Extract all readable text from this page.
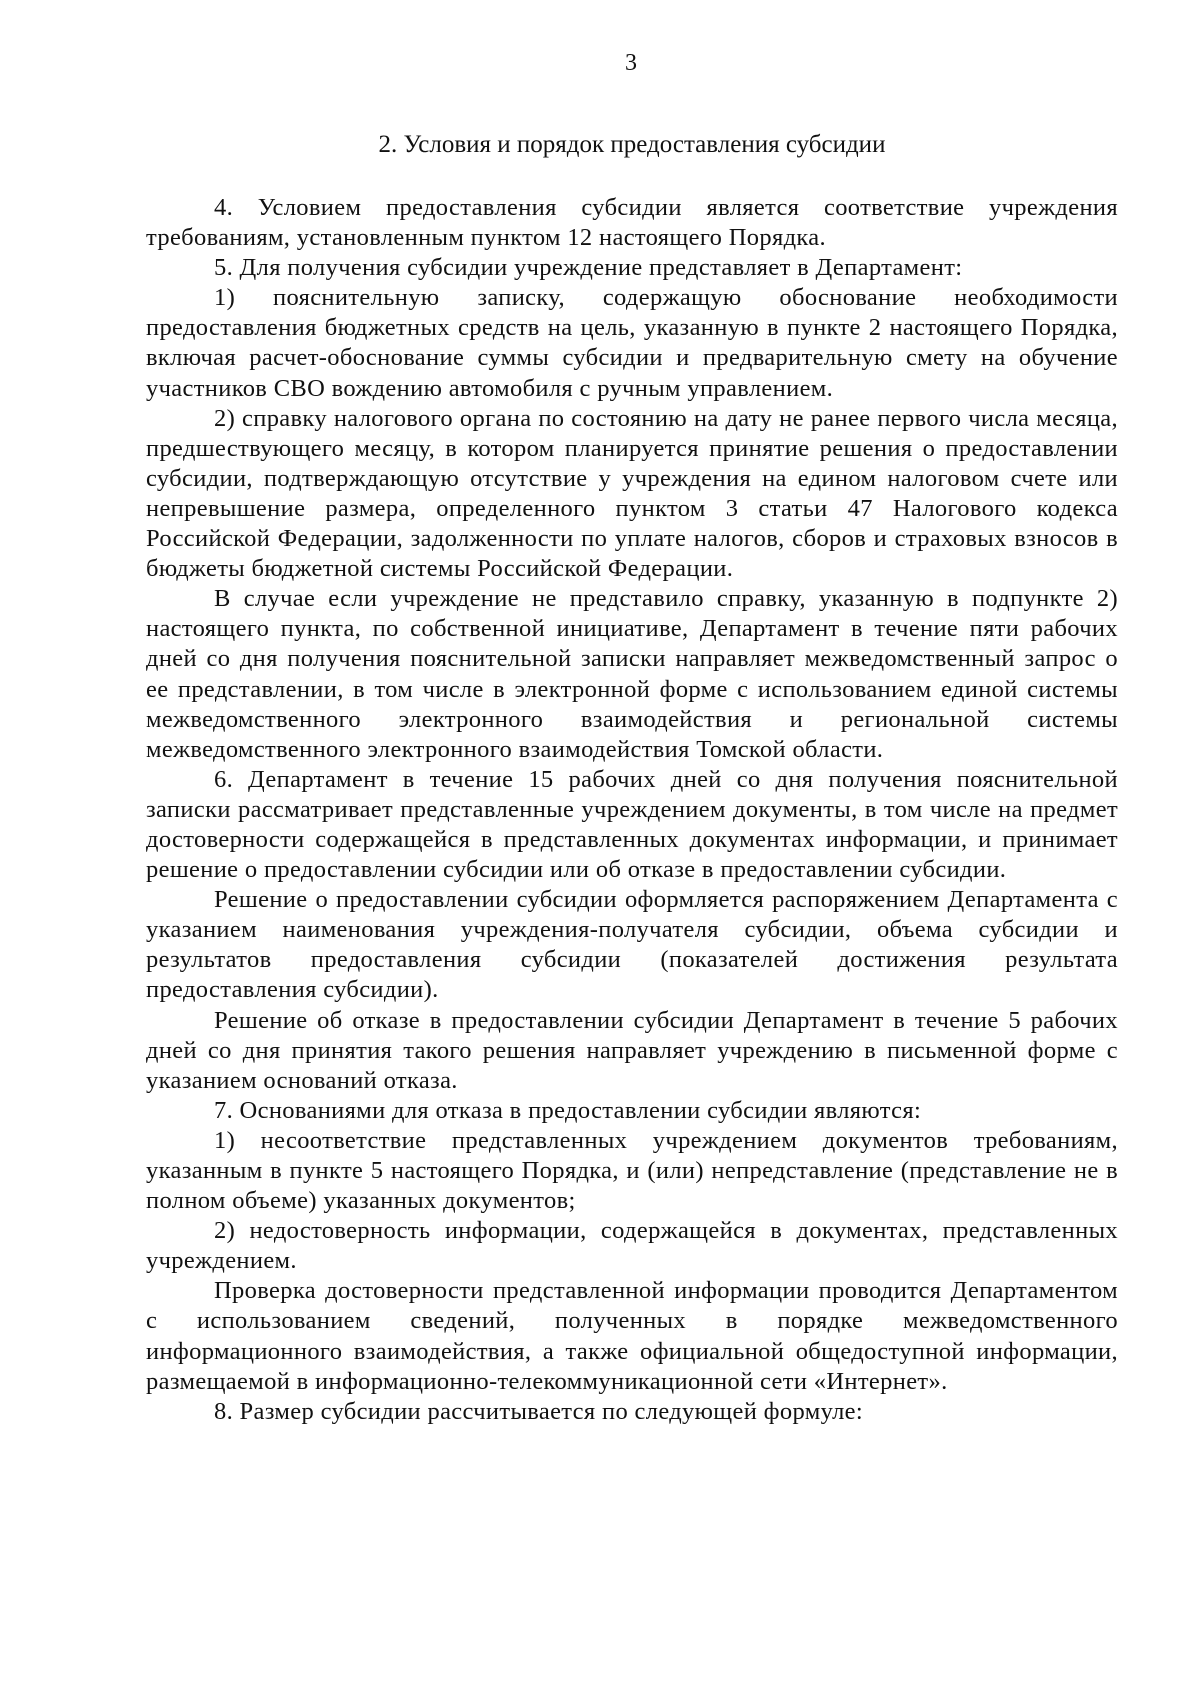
3
2. Условия и порядок предоставления субсидии

4. Условием предоставления субсидии является соответствие учреждения требованиям, установленным пунктом 12 настоящего Порядка.

5. Для получения субсидии учреждение представляет в Департамент:

1) пояснительную записку, содержащую обоснование необходимости предоставления бюджетных средств на цель, указанную в пункте 2 настоящего Порядка, включая расчет-обоснование суммы субсидии и предварительную смету на обучение участников СВО вождению автомобиля с ручным управлением.

2) справку налогового органа по состоянию на дату не ранее первого числа месяца, предшествующего месяцу, в котором планируется принятие решения о предоставлении субсидии, подтверждающую отсутствие у учреждения на едином налоговом счете или непревышение размера, определенного пунктом 3 статьи 47 Налогового кодекса Российской Федерации, задолженности по уплате налогов, сборов и страховых взносов в бюджеты бюджетной системы Российской Федерации.

В случае если учреждение не представило справку, указанную в подпункте 2) настоящего пункта, по собственной инициативе, Департамент в течение пяти рабочих дней со дня получения пояснительной записки направляет межведомственный запрос о ее представлении, в том числе в электронной форме с использованием единой системы межведомственного электронного взаимодействия и региональной системы межведомственного электронного взаимодействия Томской области.

6. Департамент в течение 15 рабочих дней со дня получения пояснительной записки рассматривает представленные учреждением документы, в том числе на предмет достоверности содержащейся в представленных документах информации, и принимает решение о предоставлении субсидии или об отказе в предоставлении субсидии.

Решение о предоставлении субсидии оформляется распоряжением Департамента с указанием наименования учреждения-получателя субсидии, объема субсидии и результатов предоставления субсидии (показателей достижения результата предоставления субсидии).

Решение об отказе в предоставлении субсидии Департамент в течение 5 рабочих дней со дня принятия такого решения направляет учреждению в письменной форме с указанием оснований отказа.

7. Основаниями для отказа в предоставлении субсидии являются:

1) несоответствие представленных учреждением документов требованиям, указанным в пункте 5 настоящего Порядка, и (или) непредставление (представление не в полном объеме) указанных документов;

2) недостоверность информации, содержащейся в документах, представленных учреждением.

Проверка достоверности представленной информации проводится Департаментом с использованием сведений, полученных в порядке межведомственного информационного взаимодействия, а также официальной общедоступной информации, размещаемой в информационно-телекоммуникационной сети «Интернет».

8. Размер субсидии рассчитывается по следующей формуле:
